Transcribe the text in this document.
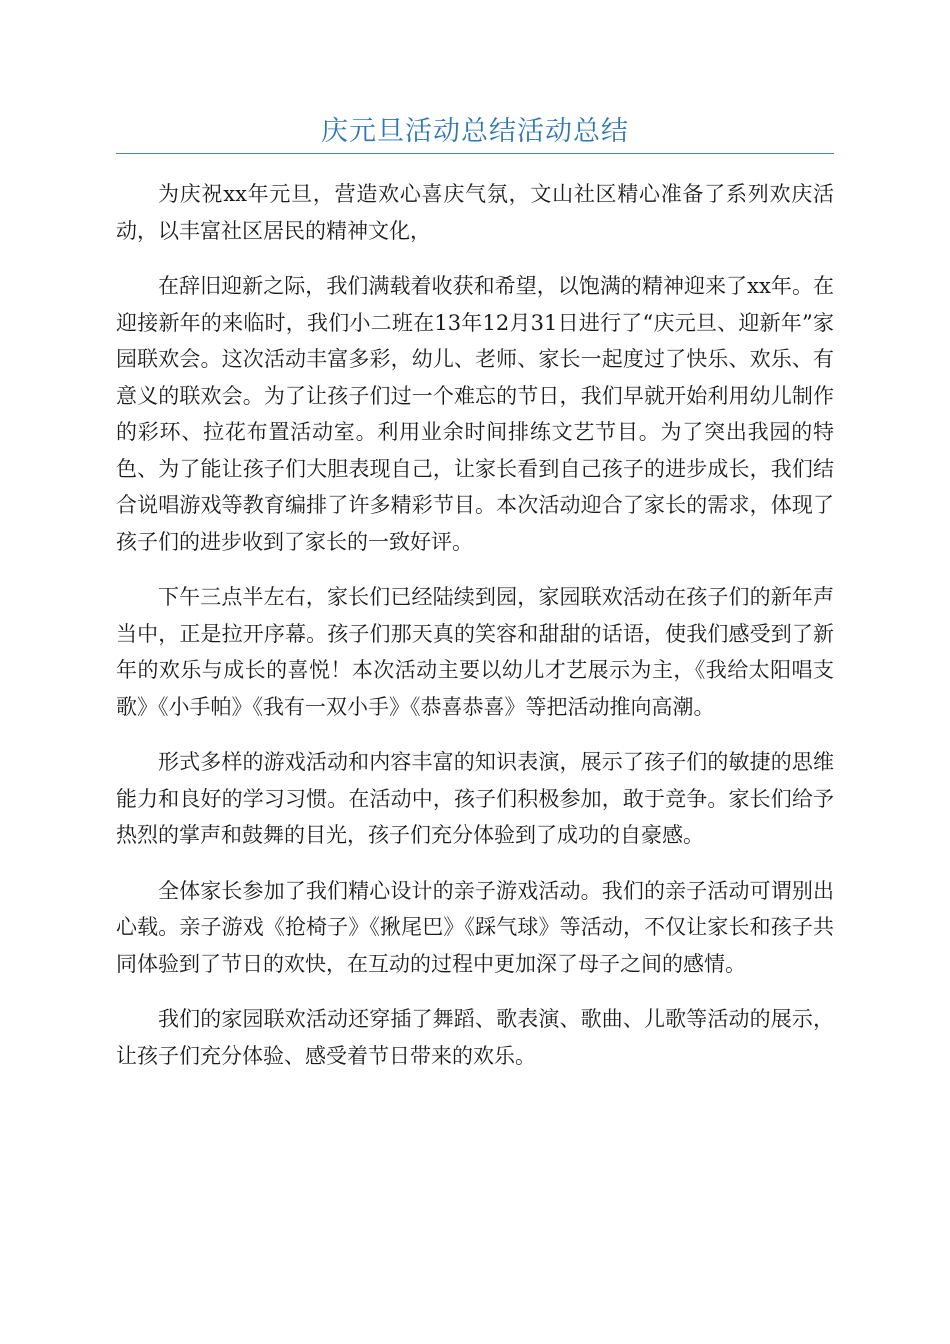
庆元旦活动总结活动总结

为庆祝xx年元旦，营造欢心喜庆气氛，文山社区精心准备了系列欢庆活动，以丰富社区居民的精神文化，

在辞旧迎新之际，我们满载着收获和希望，以饱满的精神迎来了xx年。在迎接新年的来临时，我们小二班在13年12月31日进行了“庆元旦、迎新年”家园联欢会。这次活动丰富多彩，幼儿、老师、家长一起度过了快乐、欢乐、有意义的联欢会。为了让孩子们过一个难忘的节日，我们早就开始利用幼儿制作的彩环、拉花布置活动室。利用业余时间排练文艺节目。为了突出我园的特色、为了能让孩子们大胆表现自己，让家长看到自己孩子的进步成长，我们结合说唱游戏等教育编排了许多精彩节目。本次活动迎合了家长的需求，体现了孩子们的进步收到了家长的一致好评。

下午三点半左右，家长们已经陆续到园，家园联欢活动在孩子们的新年声当中，正是拉开序幕。孩子们那天真的笑容和甜甜的话语，使我们感受到了新年的欢乐与成长的喜悦！本次活动主要以幼儿才艺展示为主，《我给太阳唱支歌》《小手帕》《我有一双小手》《恭喜恭喜》等把活动推向高潮。

形式多样的游戏活动和内容丰富的知识表演，展示了孩子们的敏捷的思维能力和良好的学习习惯。在活动中，孩子们积极参加，敢于竞争。家长们给予热烈的掌声和鼓舞的目光，孩子们充分体验到了成功的自豪感。

全体家长参加了我们精心设计的亲子游戏活动。我们的亲子活动可谓别出心载。亲子游戏《抢椅子》《揪尾巴》《踩气球》等活动，不仅让家长和孩子共同体验到了节日的欢快，在互动的过程中更加深了母子之间的感情。

我们的家园联欢活动还穿插了舞蹈、歌表演、歌曲、儿歌等活动的展示，让孩子们充分体验、感受着节日带来的欢乐。
